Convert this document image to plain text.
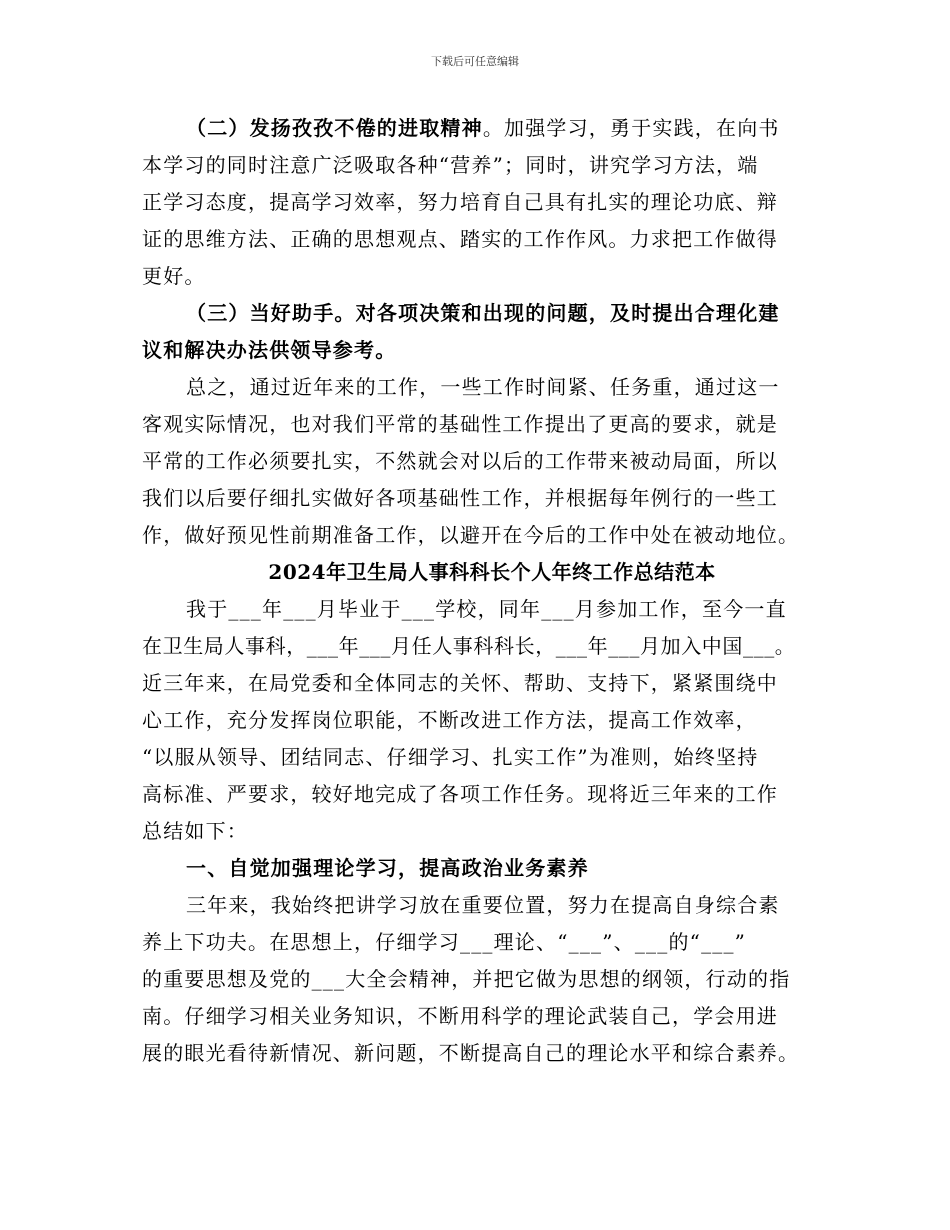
下载后可任意编辑
（二）发扬孜孜不倦的进取精神。加强学习，勇于实践，在向书
本学习的同时注意广泛吸取各种“营养”；同时，讲究学习方法，端
正学习态度，提高学习效率，努力培育自己具有扎实的理论功底、辩
证的思维方法、正确的思想观点、踏实的工作作风。力求把工作做得
更好。
（三）当好助手。对各项决策和出现的问题，及时提出合理化建
议和解决办法供领导参考。
总之，通过近年来的工作，一些工作时间紧、任务重，通过这一
客观实际情况，也对我们平常的基础性工作提出了更高的要求，就是
平常的工作必须要扎实，不然就会对以后的工作带来被动局面，所以
我们以后要仔细扎实做好各项基础性工作，并根据每年例行的一些工
作，做好预见性前期准备工作，以避开在今后的工作中处在被动地位。
2024年卫生局人事科科长个人年终工作总结范本
我于___年___月毕业于___学校，同年___月参加工作，至今一直
在卫生局人事科，___年___月任人事科科长，___年___月加入中国___。
近三年来，在局党委和全体同志的关怀、帮助、支持下，紧紧围绕中
心工作，充分发挥岗位职能，不断改进工作方法，提高工作效率，
“以服从领导、团结同志、仔细学习、扎实工作”为准则，始终坚持
高标准、严要求，较好地完成了各项工作任务。现将近三年来的工作
总结如下：
一、自觉加强理论学习，提高政治业务素养
三年来，我始终把讲学习放在重要位置，努力在提高自身综合素
养上下功夫。在思想上，仔细学习___理论、“___”、___的“___”
的重要思想及党的___大全会精神，并把它做为思想的纲领，行动的指
南。仔细学习相关业务知识，不断用科学的理论武装自己，学会用进
展的眼光看待新情况、新问题，不断提高自己的理论水平和综合素养。
